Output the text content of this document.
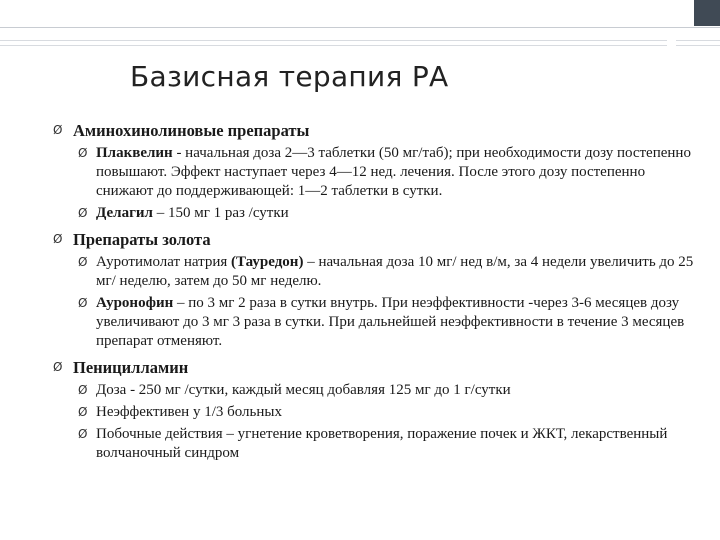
Базисная терапия РА
Ø Аминохинолиновые препараты
Ø Плаквелин - начальная доза 2—3 таблетки (50 мг/таб); при необходимости дозу постепенно повышают. Эффект наступает через 4—12 нед. лечения. После этого дозу постепенно снижают до поддерживающей: 1—2 таблетки в сутки.
Ø Делагил – 150 мг 1 раз /сутки
Ø Препараты золота
Ø Ауротимолат натрия (Тауредон) – начальная доза 10 мг/ нед в/м, за 4 недели увеличить до 25 мг/ неделю, затем до 50 мг неделю.
Ø Ауронофин – по 3 мг 2 раза в сутки внутрь. При неэффективности -через 3-6 месяцев дозу увеличивают до 3 мг 3 раза в сутки. При дальнейшей неэффективности в течение 3 месяцев препарат отменяют.
Ø Пеницилламин
Ø Доза - 250 мг /сутки, каждый месяц добавляя 125 мг до 1 г/сутки
Ø Неэффективен у 1/3 больных
Ø Побочные действия – угнетение кроветворения, поражение почек и ЖКТ, лекарственный волчаночный синдром
